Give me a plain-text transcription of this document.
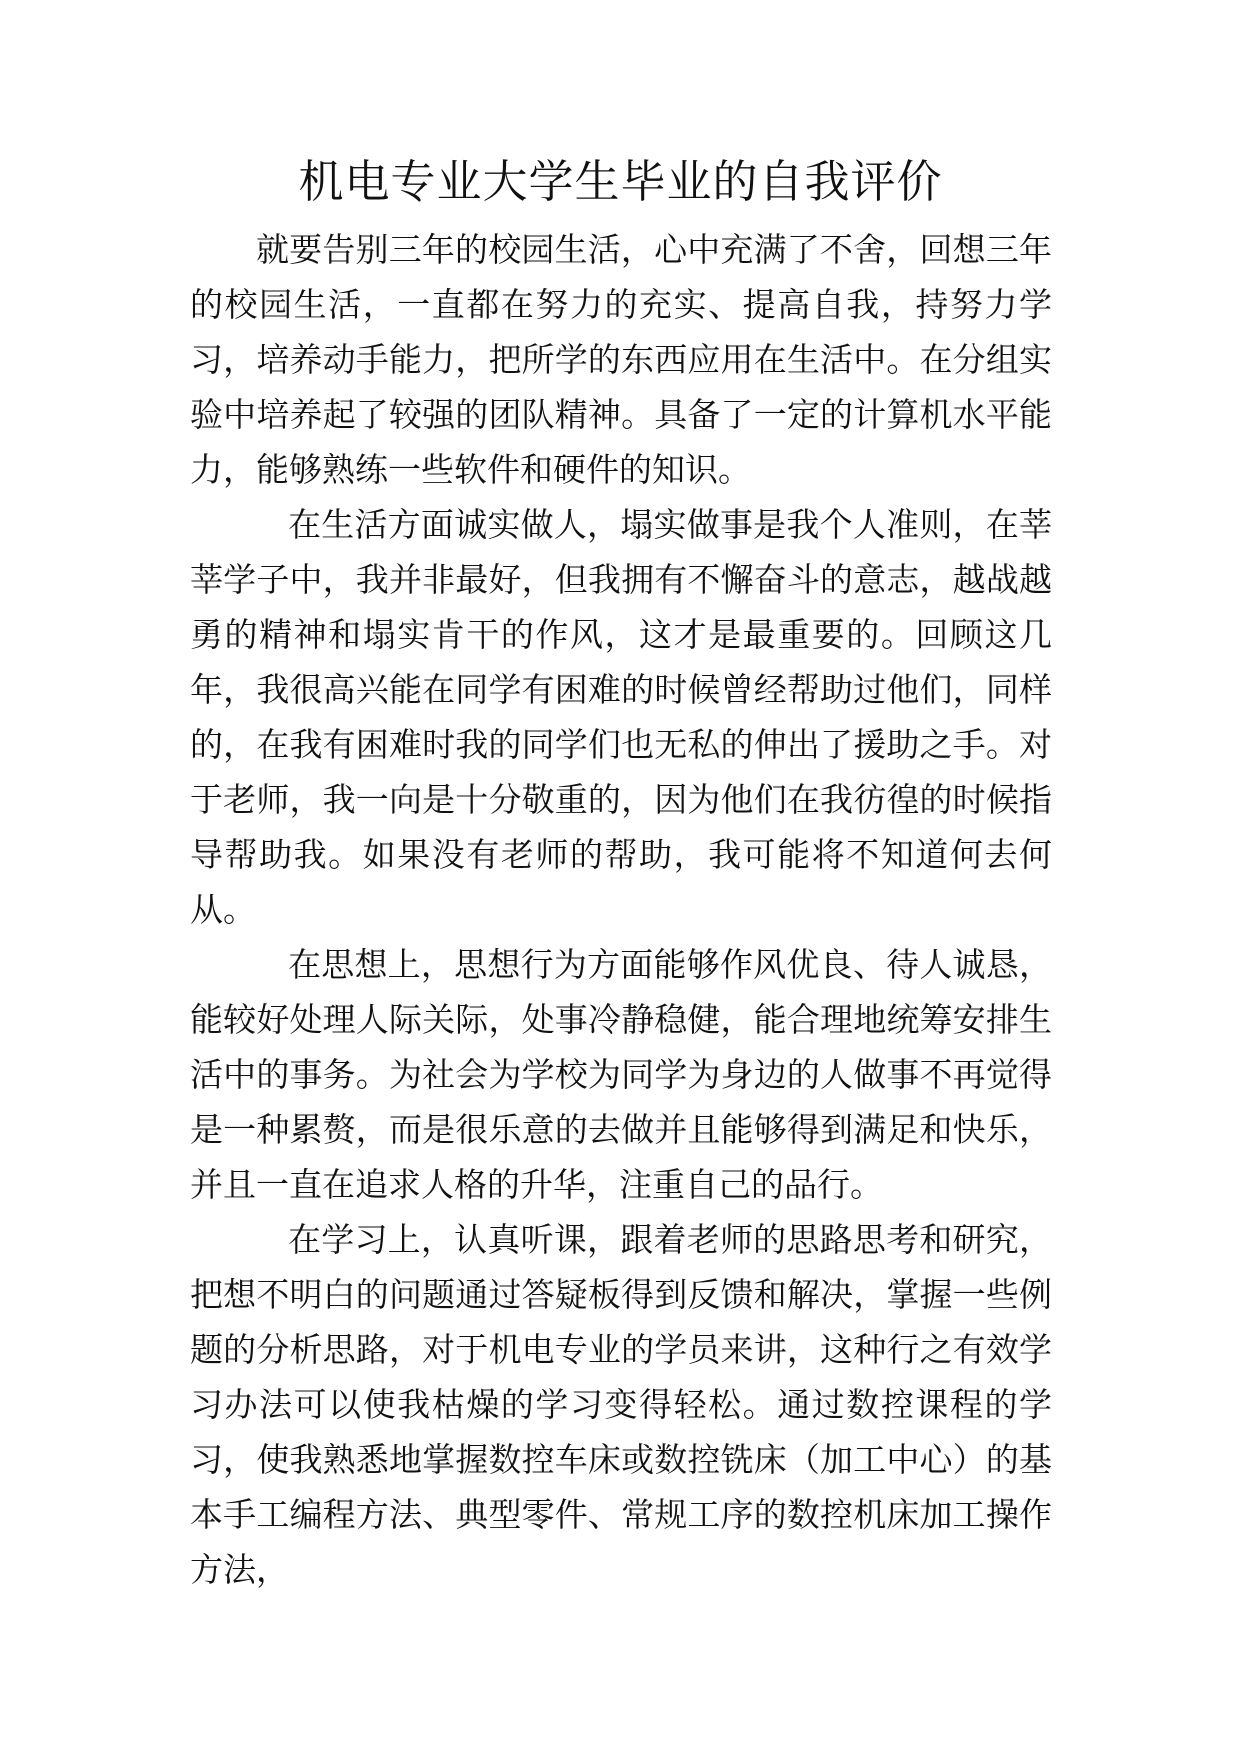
机电专业大学生毕业的自我评价

就要告别三年的校园生活，心中充满了不舍，回想三年的校园生活，一直都在努力的充实、提高自我，持努力学习，培养动手能力，把所学的东西应用在生活中。在分组实验中培养起了较强的团队精神。具备了一定的计算机水平能力，能够熟练一些软件和硬件的知识。

在生活方面诚实做人，塌实做事是我个人准则，在莘莘学子中，我并非最好，但我拥有不懈奋斗的意志，越战越勇的精神和塌实肯干的作风，这才是最重要的。回顾这几年，我很高兴能在同学有困难的时候曾经帮助过他们，同样的，在我有困难时我的同学们也无私的伸出了援助之手。对于老师，我一向是十分敬重的，因为他们在我彷徨的时候指导帮助我。如果没有老师的帮助，我可能将不知道何去何从。

在思想上，思想行为方面能够作风优良、待人诚恳，能较好处理人际关际，处事冷静稳健，能合理地统筹安排生活中的事务。为社会为学校为同学为身边的人做事不再觉得是一种累赘，而是很乐意的去做并且能够得到满足和快乐，并且一直在追求人格的升华，注重自己的品行。

在学习上，认真听课，跟着老师的思路思考和研究，把想不明白的问题通过答疑板得到反馈和解决，掌握一些例题的分析思路，对于机电专业的学员来讲，这种行之有效学习办法可以使我枯燥的学习变得轻松。通过数控课程的学习，使我熟悉地掌握数控车床或数控铣床（加工中心）的基本手工编程方法、典型零件、常规工序的数控机床加工操作方法，
